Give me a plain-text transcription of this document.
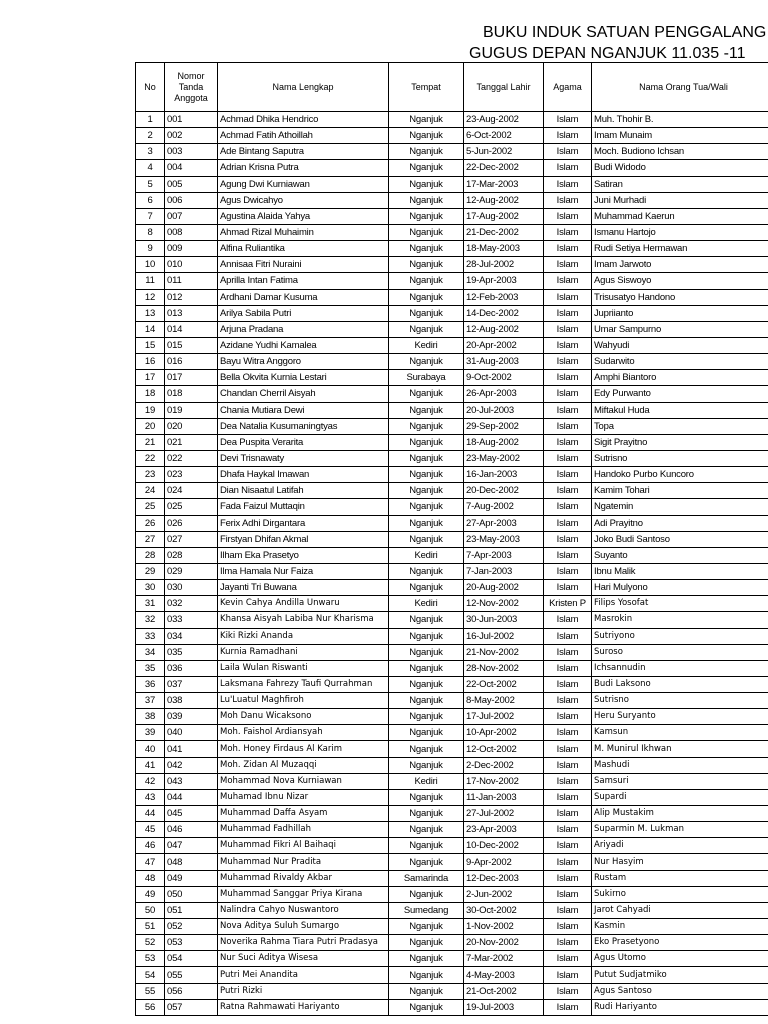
BUKU INDUK SATUAN PENGGALANG
GUGUS DEPAN NGANJUK 11.035 -11
No	Nomor Tanda Anggota	Nama Lengkap	Tempat	Tanggal Lahir	Agama	Nama Orang Tua/Wali
1	001	Achmad Dhika Hendrico	Nganjuk	23-Aug-2002	Islam	Muh. Thohir B.
2	002	Achmad Fatih Athoillah	Nganjuk	6-Oct-2002	Islam	Imam Munaim
3	003	Ade Bintang Saputra	Nganjuk	5-Jun-2002	Islam	Moch. Budiono Ichsan
4	004	Adrian Krisna Putra	Nganjuk	22-Dec-2002	Islam	Budi Widodo
5	005	Agung Dwi Kurniawan	Nganjuk	17-Mar-2003	Islam	Satiran
6	006	Agus Dwicahyo	Nganjuk	12-Aug-2002	Islam	Juni Murhadi
7	007	Agustina Alaida Yahya	Nganjuk	17-Aug-2002	Islam	Muhammad Kaerun
8	008	Ahmad Rizal Muhaimin	Nganjuk	21-Dec-2002	Islam	Ismanu Hartojo
9	009	Alfina Ruliantika	Nganjuk	18-May-2003	Islam	Rudi Setiya Hermawan
10	010	Annisaa Fitri Nuraini	Nganjuk	28-Jul-2002	Islam	Imam Jarwoto
11	011	Aprilla Intan Fatima	Nganjuk	19-Apr-2003	Islam	Agus Siswoyo
12	012	Ardhani Damar Kusuma	Nganjuk	12-Feb-2003	Islam	Trisusatyo Handono
13	013	Arilya Sabila Putri	Nganjuk	14-Dec-2002	Islam	Jupriianto
14	014	Arjuna Pradana	Nganjuk	12-Aug-2002	Islam	Umar Sampurno
15	015	Azidane Yudhi Kamalea	Kediri	20-Apr-2002	Islam	Wahyudi
16	016	Bayu Witra Anggoro	Nganjuk	31-Aug-2003	Islam	Sudarwito
17	017	Bella Okvita Kurnia Lestari	Surabaya	9-Oct-2002	Islam	Amphi Biantoro
18	018	Chandan Cherril Aisyah	Nganjuk	26-Apr-2003	Islam	Edy Purwanto
19	019	Chania Mutiara Dewi	Nganjuk	20-Jul-2003	Islam	Miftakul Huda
20	020	Dea Natalia Kusumaningtyas	Nganjuk	29-Sep-2002	Islam	Topa
21	021	Dea Puspita Verarita	Nganjuk	18-Aug-2002	Islam	Sigit Prayitno
22	022	Devi Trisnawaty	Nganjuk	23-May-2002	Islam	Sutrisno
23	023	Dhafa Haykal Imawan	Nganjuk	16-Jan-2003	Islam	Handoko Purbo Kuncoro
24	024	Dian Nisaatul Latifah	Nganjuk	20-Dec-2002	Islam	Kamim Tohari
25	025	Fada Faizul Muttaqin	Nganjuk	7-Aug-2002	Islam	Ngatemin
26	026	Ferix Adhi Dirgantara	Nganjuk	27-Apr-2003	Islam	Adi Prayitno
27	027	Firstyan Dhifan Akmal	Nganjuk	23-May-2003	Islam	Joko Budi Santoso
28	028	Ilham Eka Prasetyo	Kediri	7-Apr-2003	Islam	Suyanto
29	029	Ilma Hamala Nur Faiza	Nganjuk	7-Jan-2003	Islam	Ibnu Malik
30	030	Jayanti Tri Buwana	Nganjuk	20-Aug-2002	Islam	Hari Mulyono
31	032	Kevin Cahya Andilla Unwaru	Kediri	12-Nov-2002	Kristen P	Filips Yosofat
32	033	Khansa Aisyah Labiba Nur Kharisma	Nganjuk	30-Jun-2003	Islam	Masrokin
33	034	Kiki Rizki Ananda	Nganjuk	16-Jul-2002	Islam	Sutriyono
34	035	Kurnia Ramadhani	Nganjuk	21-Nov-2002	Islam	Suroso
35	036	Laila Wulan Riswanti	Nganjuk	28-Nov-2002	Islam	Ichsannudin
36	037	Laksmana Fahrezy Taufi Qurrahman	Nganjuk	22-Oct-2002	Islam	Budi Laksono
37	038	Lu'Luatul Maghfiroh	Nganjuk	8-May-2002	Islam	Sutrisno
38	039	Moh Danu Wicaksono	Nganjuk	17-Jul-2002	Islam	Heru Suryanto
39	040	Moh. Faishol Ardiansyah	Nganjuk	10-Apr-2002	Islam	Kamsun
40	041	Moh. Honey Firdaus Al Karim	Nganjuk	12-Oct-2002	Islam	M. Munirul Ikhwan
41	042	Moh. Zidan Al Muzaqqi	Nganjuk	2-Dec-2002	Islam	Mashudi
42	043	Mohammad Nova Kurniawan	Kediri	17-Nov-2002	Islam	Samsuri
43	044	Muhamad Ibnu Nizar	Nganjuk	11-Jan-2003	Islam	Supardi
44	045	Muhammad Daffa Asyam	Nganjuk	27-Jul-2002	Islam	Alip Mustakim
45	046	Muhammad Fadhillah	Nganjuk	23-Apr-2003	Islam	Suparmin M. Lukman
46	047	Muhammad Fikri Al Baihaqi	Nganjuk	10-Dec-2002	Islam	Ariyadi
47	048	Muhammad Nur Pradita	Nganjuk	9-Apr-2002	Islam	Nur Hasyim
48	049	Muhammad Rivaldy Akbar	Samarinda	12-Dec-2003	Islam	Rustam
49	050	Muhammad Sanggar Priya Kirana	Nganjuk	2-Jun-2002	Islam	Sukirno
50	051	Nalindra Cahyo Nuswantoro	Sumedang	30-Oct-2002	Islam	Jarot Cahyadi
51	052	Nova Aditya Suluh Sumargo	Nganjuk	1-Nov-2002	Islam	Kasmin
52	053	Noverika Rahma Tiara Putri Pradasya	Nganjuk	20-Nov-2002	Islam	Eko Prasetyono
53	054	Nur Suci Aditya Wisesa	Nganjuk	7-Mar-2002	Islam	Agus Utomo
54	055	Putri Mei Anandita	Nganjuk	4-May-2003	Islam	Putut Sudjatmiko
55	056	Putri Rizki	Nganjuk	21-Oct-2002	Islam	Agus Santoso
56	057	Ratna Rahmawati Hariyanto	Nganjuk	19-Jul-2003	Islam	Rudi Hariyanto
